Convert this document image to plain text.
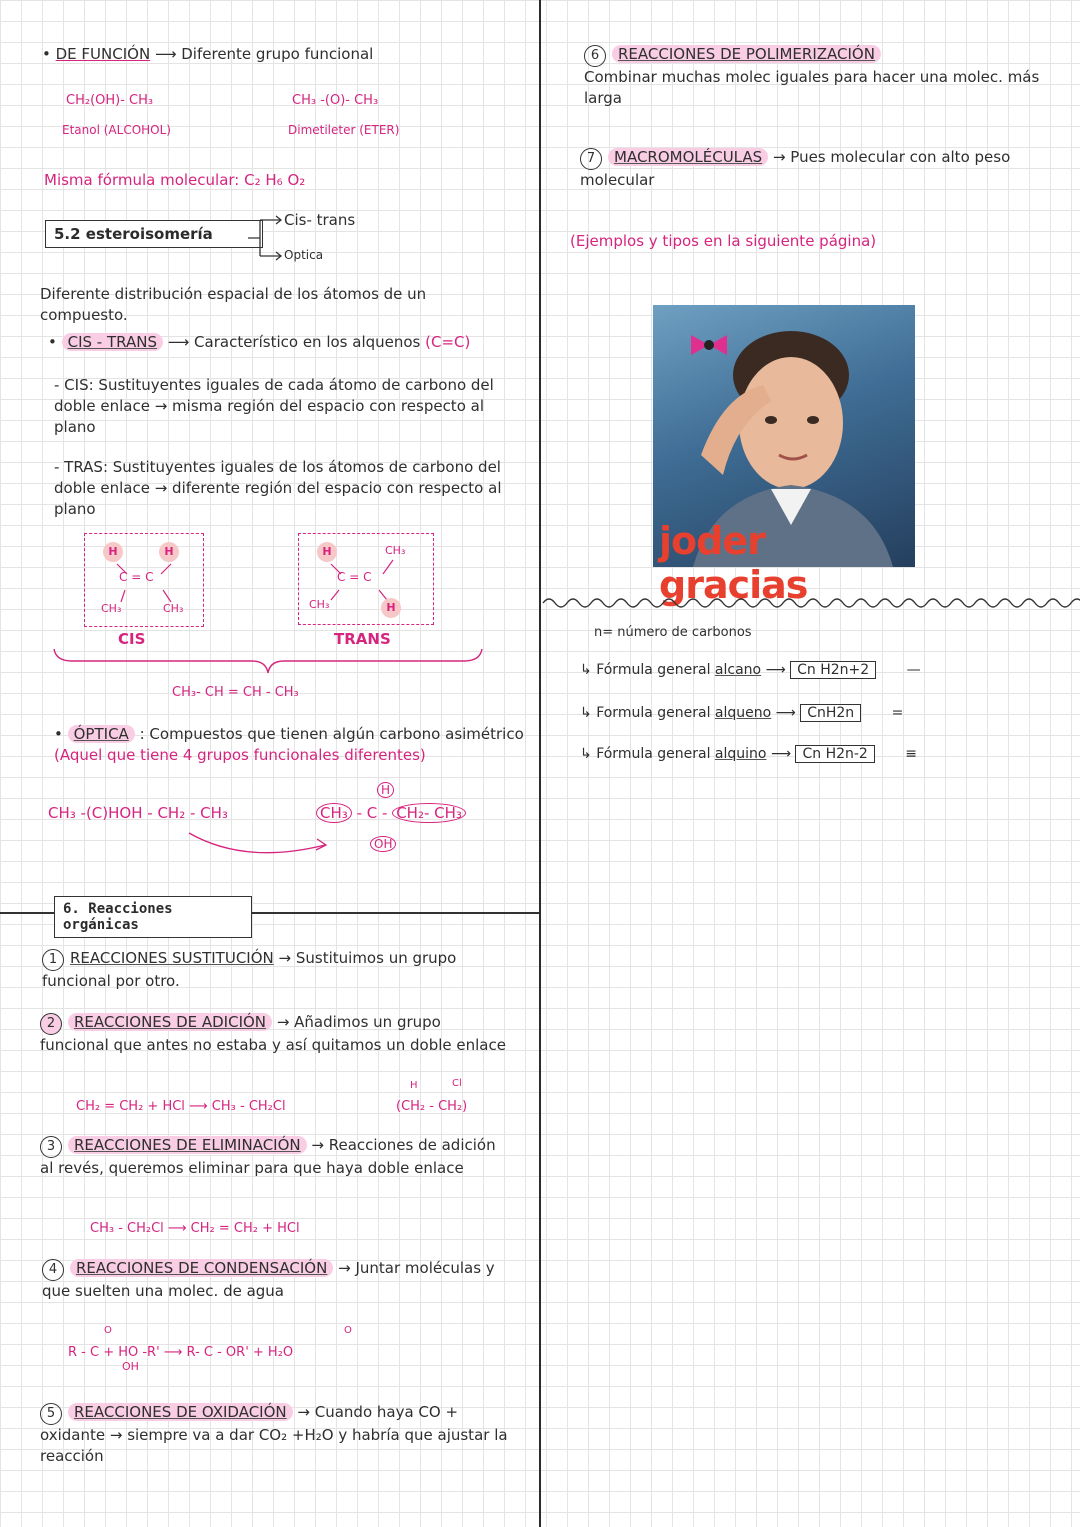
• DE FUNCIÓN ⟶ Diferente grupo funcional
CH₂(OH)- CH₃
Etanol (ALCOHOL)
CH₃ -(O)- CH₃
Dimetileter (ETER)
Misma fórmula molecular: C₂ H₆ O₂
5.2 esteroisomería
Cis- trans
Optica
Diferente distribución espacial de los átomos de un compuesto.
• CIS - TRANS ⟶ Característico en los alquenos (C=C)
- CIS: Sustituyentes iguales de cada átomo de carbono del doble enlace → misma región del espacio con respecto al plano
- TRAS: Sustituyentes iguales de los átomos de carbono del doble enlace → diferente región del espacio con respecto al plano
H	H
C = C
CH₃	CH₃
CIS
H	CH₃
C = C
CH₃	H
TRANS
CH₃- CH = CH - CH₃
• ÓPTICA : Compuestos que tienen algún carbono asimétrico (Aquel que tiene 4 grupos funcionales diferentes)
CH₃ -(C)HOH - CH₂ - CH₃	CH₃ - C - CH₂- CH₃
H
OH
6. Reacciones orgánicas
1 REACCIONES SUSTITUCIÓN → Sustituimos un grupo funcional por otro.
2 REACCIONES DE ADICIÓN → Añadimos un grupo funcional que antes no estaba y así quitamos un doble enlace
CH₂ = CH₂ + HCl ⟶ CH₃ - CH₂Cl	(CH₂ - CH₂)
H	Cl
3 REACCIONES DE ELIMINACIÓN → Reacciones de adición al revés, queremos eliminar para que haya doble enlace
CH₃ - CH₂Cl ⟶ CH₂ = CH₂ + HCl
4 REACCIONES DE CONDENSACIÓN → Juntar moléculas y que suelten una molec. de agua
R - C + HO -R' ⟶ R- C - OR' + H₂O
O
OH
O
5 REACCIONES DE OXIDACIÓN → Cuando haya CO + oxidante → siempre va a dar CO₂ +H₂O y habría que ajustar la reacción
6 REACCIONES DE POLIMERIZACIÓN
Combinar muchas molec iguales para hacer una molec. más larga
7 MACROMOLÉCULAS → Pues molecular con alto peso molecular
(Ejemplos y tipos en la siguiente página)
joder gracias
n= número de carbonos
↳ Fórmula general alcano ⟶ Cn H2n+2	—
↳ Formula general alqueno ⟶ CnH2n	=
↳ Fórmula general alquino ⟶ Cn H2n-2	≡
